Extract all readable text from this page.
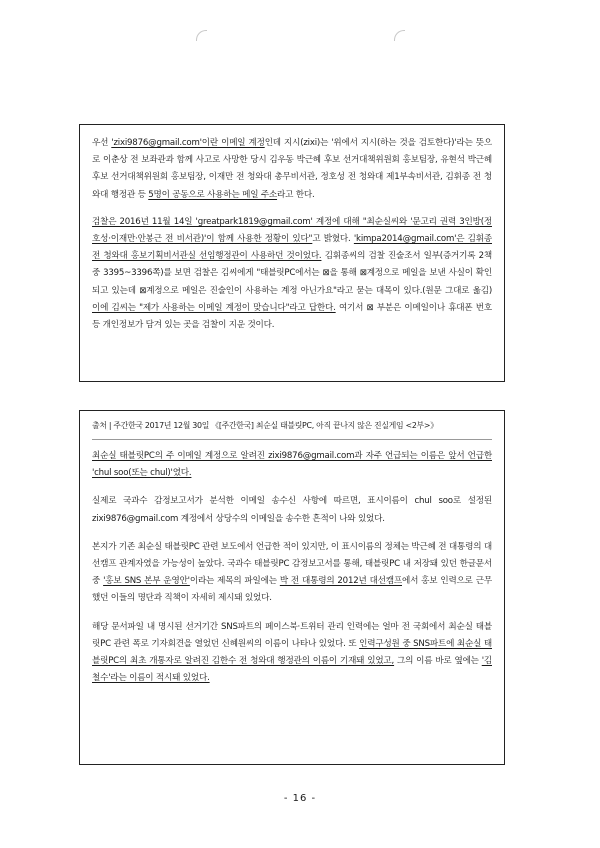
우선 'zixi9876@gmail.com'이란 이메일 계정인데 지시(zixi)는 '위에서 지시(하는 것을 검토한다)'라는 뜻으로 이춘상 전 보좌관과 함께 사고로 사망한 당시 김우동 박근혜 후보 선거대책위원회 홍보팀장, 유현석 박근혜 후보 선거대책위원회 홍보팀장, 이재만 전 청와대 총무비서관, 정호성 전 청와대 제1부속비서관, 김휘종 전 청와대 행정관 등 5명이 공동으로 사용하는 메일 주소라고 한다.

검찰은 2016년 11월 14일 'greatpark1819@gmail.com' 계정에 대해 "최순실씨와 '문고리 권력 3인방(정호성·이재만·안봉근 전 비서관)'이 함께 사용한 정황이 있다"고 밝혔다. 'kimpa2014@gmail.com'은 김휘종 전 청와대 홍보기획비서관실 선임행정관이 사용하던 것이었다. 김휘종씨의 검찰 진술조서 일부(증거기록 2책 중 3395~3396쪽)를 보면 검찰은 김씨에게 "태블릿PC에서는 ⊠을 통해 ⊠계정으로 메일을 보낸 사실이 확인되고 있는데 ⊠계정으로 메일은 진술인이 사용하는 계정 아닌가요"라고 묻는 대목이 있다.(원문 그대로 옮김) 이에 김씨는 "제가 사용하는 이메일 계정이 맞습니다"라고 답한다. 여기서 ⊠ 부분은 이메일이나 휴대폰 번호 등 개인정보가 담겨 있는 곳을 검찰이 지운 것이다.

출처 | 주간한국 2017년 12월 30일 《[주간한국] 최순실 태블릿PC, 아직 끝나지 않은 진실게임 <2부>》

최순실 태블릿PC의 주 이메일 계정으로 알려진 zixi9876@gmail.com과 자주 언급되는 이름은 앞서 언급한 'chul soo(또는 chul)'였다.

실제로 국과수 감정보고서가 분석한 이메일 송수신 사항에 따르면, 표시이름이 chul soo로 설정된 zixi9876@gmail.com 계정에서 상당수의 이메일을 송수한 흔적이 나와 있었다.

본지가 기존 최순실 태블릿PC 관련 보도에서 언급한 적이 있지만, 이 표시이름의 정체는 박근혜 전 대통령의 대선캠프 관계자였을 가능성이 높았다. 국과수 태블릿PC 감정보고서를 통해, 태블릿PC 내 저장돼 있던 한글문서 중 '홍보 SNS 본부 운영안'이라는 제목의 파일에는 박 전 대통령의 2012년 대선캠프에서 홍보 인력으로 근무했던 이들의 명단과 직책이 자세히 제시돼 있었다.

해당 문서파일 내 명시된 선거기간 SNS파트의 페이스북·트위터 관리 인력에는 얼마 전 국회에서 최순실 태블릿PC 관련 폭로 기자회견을 열었던 신혜원씨의 이름이 나타나 있었다. 또 인력구성원 중 SNS파트에 최순실 태블릿PC의 최초 개통자로 알려진 김한수 전 청와대 행정관의 이름이 기재돼 있었고, 그의 이름 바로 옆에는 '김철수'라는 이름이 적시돼 있었다.

- 16 -
